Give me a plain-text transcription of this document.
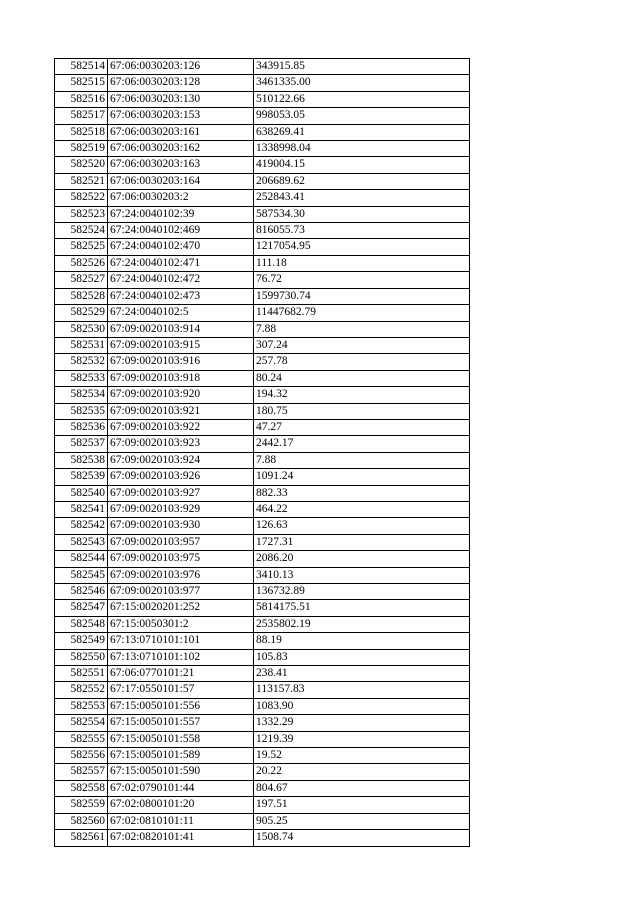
582514	67:06:0030203:126	343915.85
582515	67:06:0030203:128	3461335.00
582516	67:06:0030203:130	510122.66
582517	67:06:0030203:153	998053.05
582518	67:06:0030203:161	638269.41
582519	67:06:0030203:162	1338998.04
582520	67:06:0030203:163	419004.15
582521	67:06:0030203:164	206689.62
582522	67:06:0030203:2	252843.41
582523	67:24:0040102:39	587534.30
582524	67:24:0040102:469	816055.73
582525	67:24:0040102:470	1217054.95
582526	67:24:0040102:471	111.18
582527	67:24:0040102:472	76.72
582528	67:24:0040102:473	1599730.74
582529	67:24:0040102:5	11447682.79
582530	67:09:0020103:914	7.88
582531	67:09:0020103:915	307.24
582532	67:09:0020103:916	257.78
582533	67:09:0020103:918	80.24
582534	67:09:0020103:920	194.32
582535	67:09:0020103:921	180.75
582536	67:09:0020103:922	47.27
582537	67:09:0020103:923	2442.17
582538	67:09:0020103:924	7.88
582539	67:09:0020103:926	1091.24
582540	67:09:0020103:927	882.33
582541	67:09:0020103:929	464.22
582542	67:09:0020103:930	126.63
582543	67:09:0020103:957	1727.31
582544	67:09:0020103:975	2086.20
582545	67:09:0020103:976	3410.13
582546	67:09:0020103:977	136732.89
582547	67:15:0020201:252	5814175.51
582548	67:15:0050301:2	2535802.19
582549	67:13:0710101:101	88.19
582550	67:13:0710101:102	105.83
582551	67:06:0770101:21	238.41
582552	67:17:0550101:57	113157.83
582553	67:15:0050101:556	1083.90
582554	67:15:0050101:557	1332.29
582555	67:15:0050101:558	1219.39
582556	67:15:0050101:589	19.52
582557	67:15:0050101:590	20.22
582558	67:02:0790101:44	804.67
582559	67:02:0800101:20	197.51
582560	67:02:0810101:11	905.25
582561	67:02:0820101:41	1508.74
